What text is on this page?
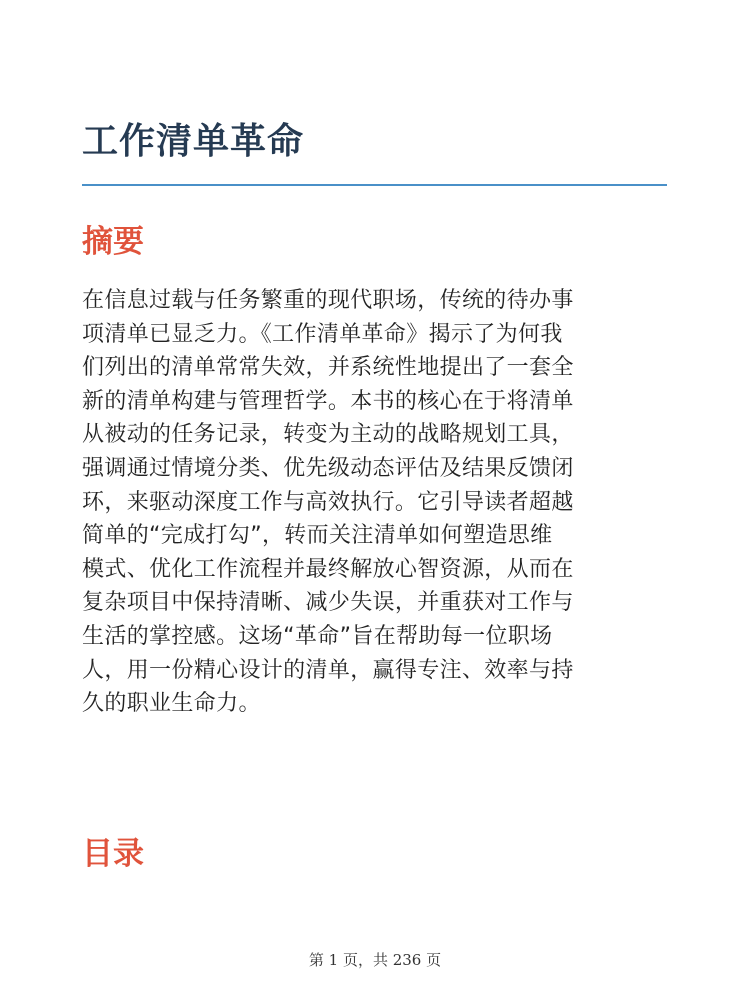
工作清单革命
摘要

在信息过载与任务繁重的现代职场，传统的待办事
项清单已显乏力。《工作清单革命》揭示了为何我
们列出的清单常常失效，并系统性地提出了一套全
新的清单构建与管理哲学。本书的核心在于将清单
从被动的任务记录，转变为主动的战略规划工具，
强调通过情境分类、优先级动态评估及结果反馈闭
环，来驱动深度工作与高效执行。它引导读者超越
简单的“完成打勾”，转而关注清单如何塑造思维
模式、优化工作流程并最终解放心智资源，从而在
复杂项目中保持清晰、减少失误，并重获对工作与
生活的掌控感。这场“革命”旨在帮助每一位职场
人，用一份精心设计的清单，赢得专注、效率与持
久的职业生命力。

目录
第 1 页，共 236 页
